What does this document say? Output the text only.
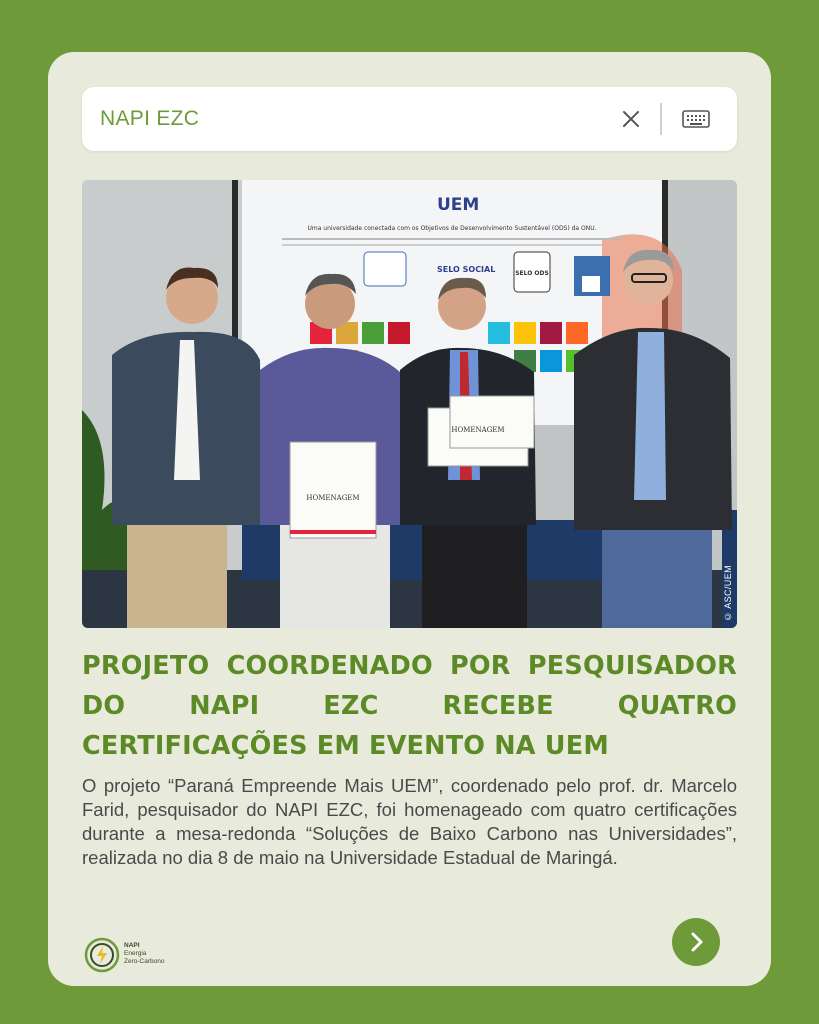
NAPI EZC
UEM
Uma universidade conectada com os Objetivos de Desenvolvimento Sustentável (ODS) da ONU.
SELO SOCIAL	SELO ODS
HOMENAGEM
HOMENAGEM
© ASC/UEM
PROJETO COORDENADO POR PESQUISADOR DO NAPI EZC RECEBE QUATRO CERTIFICAÇÕES EM EVENTO NA UEM
O projeto “Paraná Empreende Mais UEM”, coordenado pelo prof. dr. Marcelo Farid, pesquisador do NAPI EZC, foi homenageado com quatro certificações durante a mesa-redonda “Soluções de Baixo Carbono nas Universidades”, realizada no dia 8 de maio na Universidade Estadual de Maringá.
NAPI
Energia
Zero-Carbono
